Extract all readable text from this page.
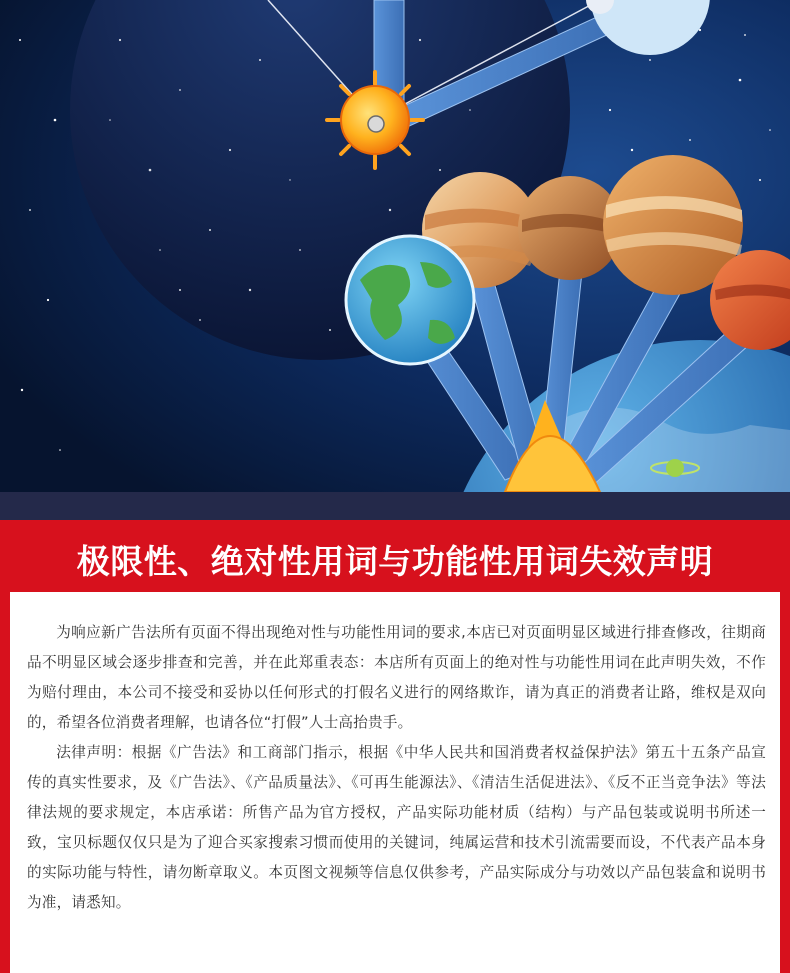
极限性、绝对性用词与功能性用词失效声明

为响应新广告法所有页面不得出现绝对性与功能性用词的要求,本店已对页面明显区域进行排查修改，往期商品不明显区域会逐步排查和完善，并在此郑重表态：本店所有页面上的绝对性与功能性用词在此声明失效，不作为赔付理由，本公司不接受和妥协以任何形式的打假名义进行的网络欺诈，请为真正的消费者让路，维权是双向的，希望各位消费者理解，也请各位“打假”人士高抬贵手。

法律声明：根据《广告法》和工商部门指示，根据《中华人民共和国消费者权益保护法》第五十五条产品宣传的真实性要求，及《广告法》、《产品质量法》、《可再生能源法》、《清洁生活促进法》、《反不正当竞争法》等法律法规的要求规定，本店承诺：所售产品为官方授权，产品实际功能材质（结构）与产品包装或说明书所述一致，宝贝标题仅仅只是为了迎合买家搜索习惯而使用的关键词，纯属运营和技术引流需要而设，不代表产品本身的实际功能与特性，请勿断章取义。本页图文视频等信息仅供参考，产品实际成分与功效以产品包装盒和说明书为准，请悉知。
